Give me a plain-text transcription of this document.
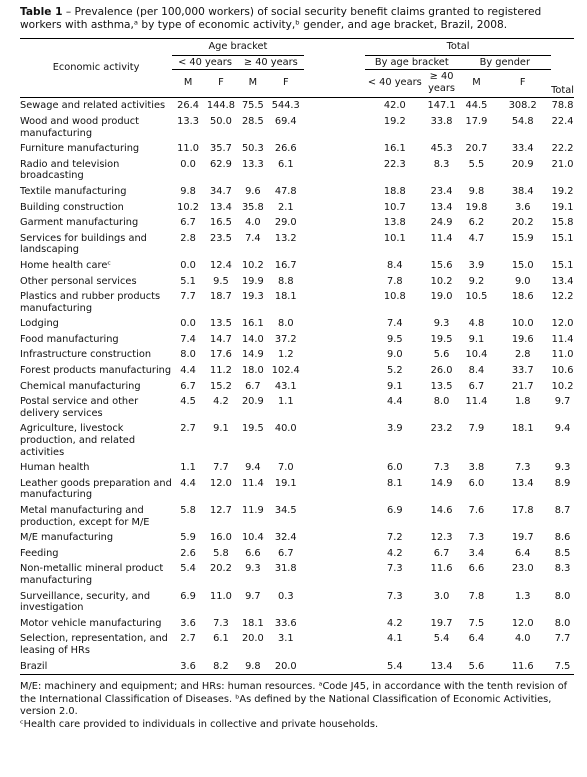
Table 1 – Prevalence (per 100,000 workers) of social security benefit claims granted to registered workers with asthma,ᵃ by type of economic activity,ᵇ gender, and age bracket, Brazil, 2008.

Economic activity	Age bracket					Total				
	< 40 years		≥ 40 years			By age bracket		By gender		Total
	M	F	M	F		< 40 years	≥ 40 years	M	F	
Sewage and related activities	26.4	144.8	75.5	544.3		42.0	147.1	44.5	308.2	78.8
Wood and wood product manufacturing	13.3	50.0	28.5	69.4		19.2	33.8	17.9	54.8	22.4
Furniture manufacturing	11.0	35.7	50.3	26.6		16.1	45.3	20.7	33.4	22.2
Radio and television broadcasting	0.0	62.9	13.3	6.1		22.3	8.3	5.5	20.9	21.0
Textile manufacturing	9.8	34.7	9.6	47.8		18.8	23.4	9.8	38.4	19.2
Building construction	10.2	13.4	35.8	2.1		10.7	13.4	19.8	3.6	19.1
Garment manufacturing	6.7	16.5	4.0	29.0		13.8	24.9	6.2	20.2	15.8
Services for buildings and landscaping	2.8	23.5	7.4	13.2		10.1	11.4	4.7	15.9	15.1
Home health careᶜ	0.0	12.4	10.2	16.7		8.4	15.6	3.9	15.0	15.1
Other personal services	5.1	9.5	19.9	8.8		7.8	10.2	9.2	9.0	13.4
Plastics and rubber products manufacturing	7.7	18.7	19.3	18.1		10.8	19.0	10.5	18.6	12.2
Lodging	0.0	13.5	16.1	8.0		7.4	9.3	4.8	10.0	12.0
Food manufacturing	7.4	14.7	14.0	37.2		9.5	19.5	9.1	19.6	11.4
Infrastructure construction	8.0	17.6	14.9	1.2		9.0	5.6	10.4	2.8	11.0
Forest products manufacturing	4.4	11.2	18.0	102.4		5.2	26.0	8.4	33.7	10.6
Chemical manufacturing	6.7	15.2	6.7	43.1		9.1	13.5	6.7	21.7	10.2
Postal service and other delivery services	4.5	4.2	20.9	1.1		4.4	8.0	11.4	1.8	9.7
Agriculture, livestock production, and related activities	2.7	9.1	19.5	40.0		3.9	23.2	7.9	18.1	9.4
Human health	1.1	7.7	9.4	7.0		6.0	7.3	3.8	7.3	9.3
Leather goods preparation and manufacturing	4.4	12.0	11.4	19.1		8.1	14.9	6.0	13.4	8.9
Metal manufacturing and production, except for M/E	5.8	12.7	11.9	34.5		6.9	14.6	7.6	17.8	8.7
M/E manufacturing	5.9	16.0	10.4	32.4		7.2	12.3	7.3	19.7	8.6
Feeding	2.6	5.8	6.6	6.7		4.2	6.7	3.4	6.4	8.5
Non-metallic mineral product manufacturing	5.4	20.2	9.3	31.8		7.3	11.6	6.6	23.0	8.3
Surveillance, security, and investigation	6.9	11.0	9.7	0.3		7.3	3.0	7.8	1.3	8.0
Motor vehicle manufacturing	3.6	7.3	18.1	33.6		4.2	19.7	7.5	12.0	8.0
Selection, representation, and leasing of HRs	2.7	6.1	20.0	3.1		4.1	5.4	6.4	4.0	7.7
Brazil	3.6	8.2	9.8	20.0		5.4	13.4	5.6	11.6	7.5
M/E: machinery and equipment; and HRs: human resources. ᵃCode J45, in accordance with the tenth revision of the International Classification of Diseases. ᵇAs defined by the National Classification of Economic Activities, version 2.0.
ᶜHealth care provided to individuals in collective and private households.
